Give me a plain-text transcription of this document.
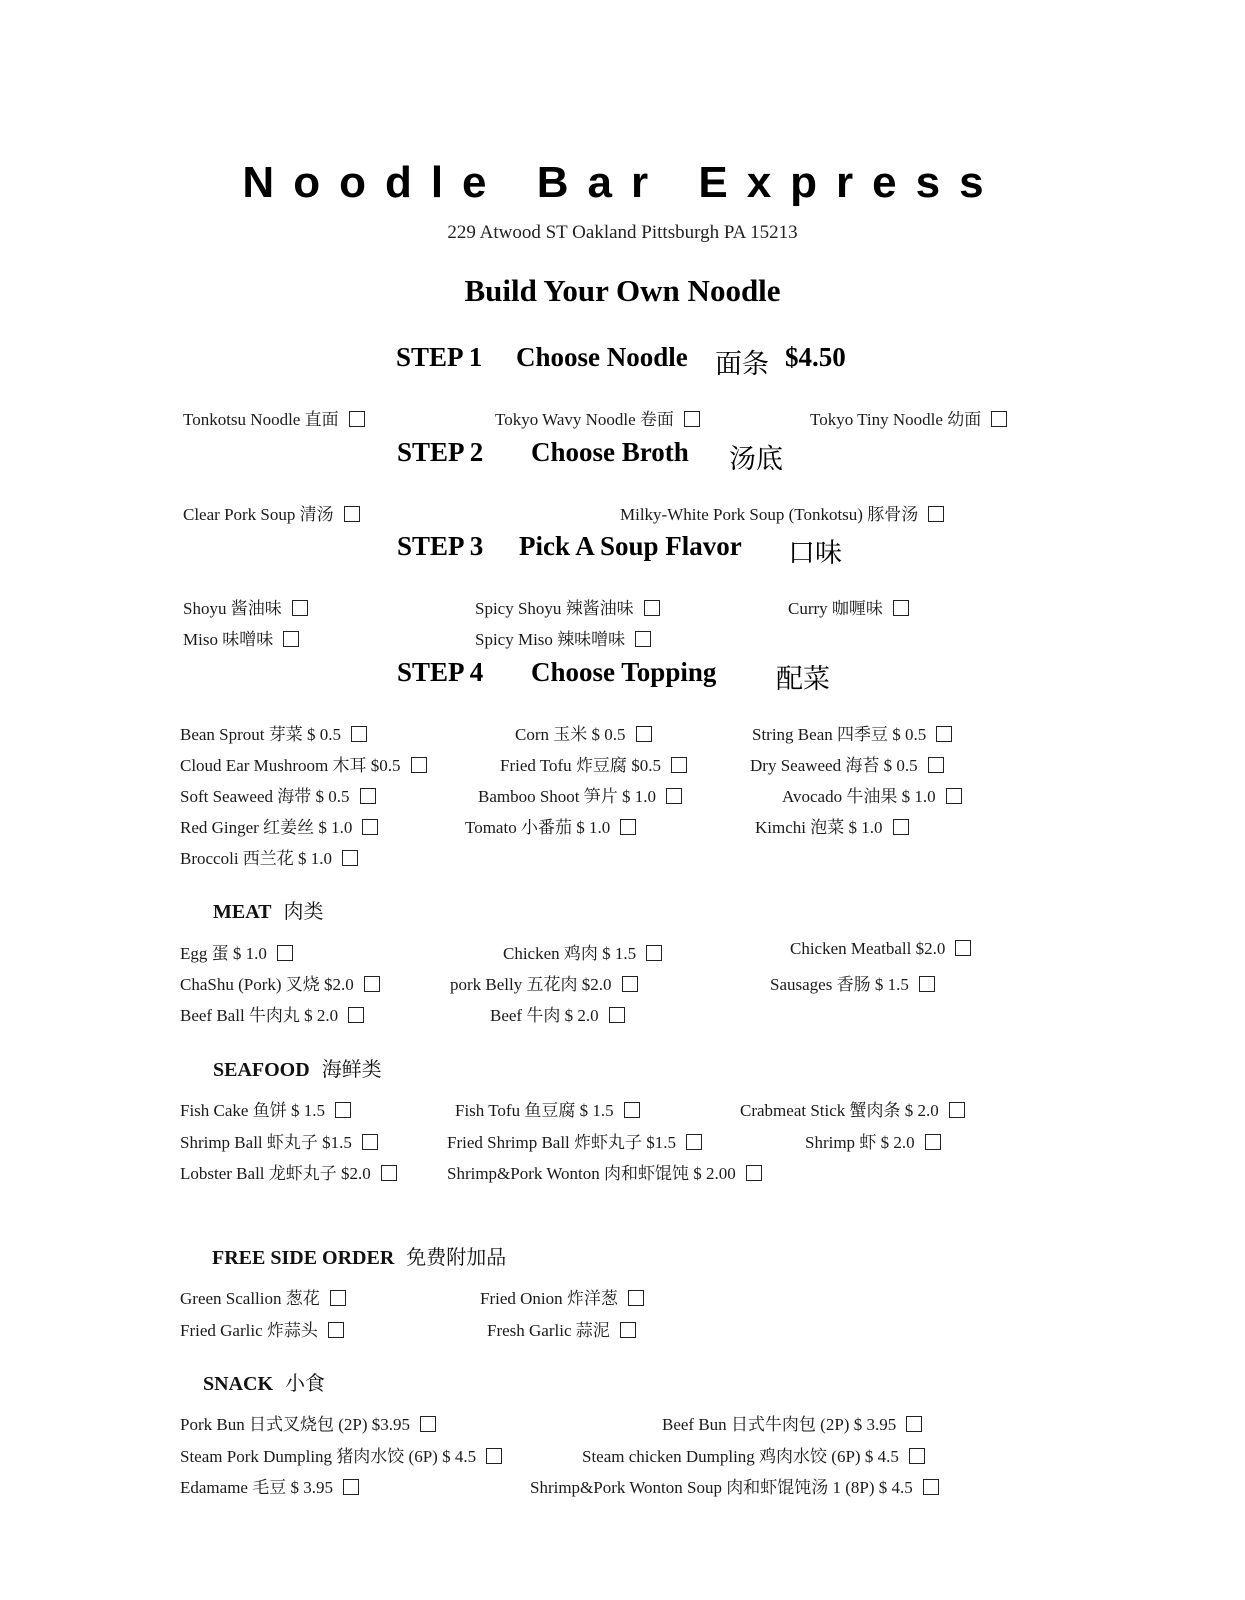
Noodle Bar Express
229 Atwood ST Oakland Pittsburgh PA 15213
Build Your Own Noodle
STEP 1 Choose Noodle 面条 $4.50
STEP 2 Choose Broth 汤底
STEP 3 Pick A Soup Flavor 口味
STEP 4 Choose Topping 配菜
MEAT 肉类
SEAFOOD 海鲜类
FREE SIDE ORDER 免费附加品
SNACK 小食
Tonkotsu Noodle 直面	Tokyo Wavy Noodle 卷面	Tokyo Tiny Noodle 幼面
Clear Pork Soup 清汤	Milky-White Pork Soup (Tonkotsu) 豚骨汤
Shoyu 酱油味	Spicy Shoyu 辣酱油味	Curry 咖喱味
Miso 味噌味	Spicy Miso 辣味噌味
Bean Sprout 芽菜 $ 0.5	Corn 玉米 $ 0.5	String Bean 四季豆 $ 0.5
Cloud Ear Mushroom 木耳 $0.5	Fried Tofu 炸豆腐 $0.5	Dry Seaweed 海苔 $ 0.5
Soft Seaweed 海带 $ 0.5	Bamboo Shoot 笋片 $ 1.0	Avocado 牛油果 $ 1.0
Red Ginger 红姜丝 $ 1.0	Tomato 小番茄 $ 1.0	Kimchi 泡菜 $ 1.0
Broccoli 西兰花 $ 1.0
Egg 蛋 $ 1.0	Chicken 鸡肉 $ 1.5	Chicken Meatball $2.0
ChaShu (Pork) 叉烧 $2.0	pork Belly 五花肉 $2.0	Sausages 香肠 $ 1.5
Beef Ball 牛肉丸 $ 2.0	Beef 牛肉 $ 2.0
Fish Cake 鱼饼 $ 1.5	Fish Tofu 鱼豆腐 $ 1.5	Crabmeat Stick 蟹肉条 $ 2.0
Shrimp Ball 虾丸子 $1.5	Fried Shrimp Ball 炸虾丸子 $1.5	Shrimp 虾 $ 2.0
Lobster Ball 龙虾丸子 $2.0	Shrimp&Pork Wonton 肉和虾馄饨 $ 2.00
Green Scallion 葱花	Fried Onion 炸洋葱
Fried Garlic 炸蒜头	Fresh Garlic 蒜泥
Pork Bun 日式叉烧包 (2P) $3.95	Beef Bun 日式牛肉包 (2P) $ 3.95
Steam Pork Dumpling 猪肉水饺 (6P) $ 4.5	Steam chicken Dumpling 鸡肉水饺 (6P) $ 4.5
Edamame 毛豆 $ 3.95	Shrimp&Pork Wonton Soup 肉和虾馄饨汤 1 (8P) $ 4.5
